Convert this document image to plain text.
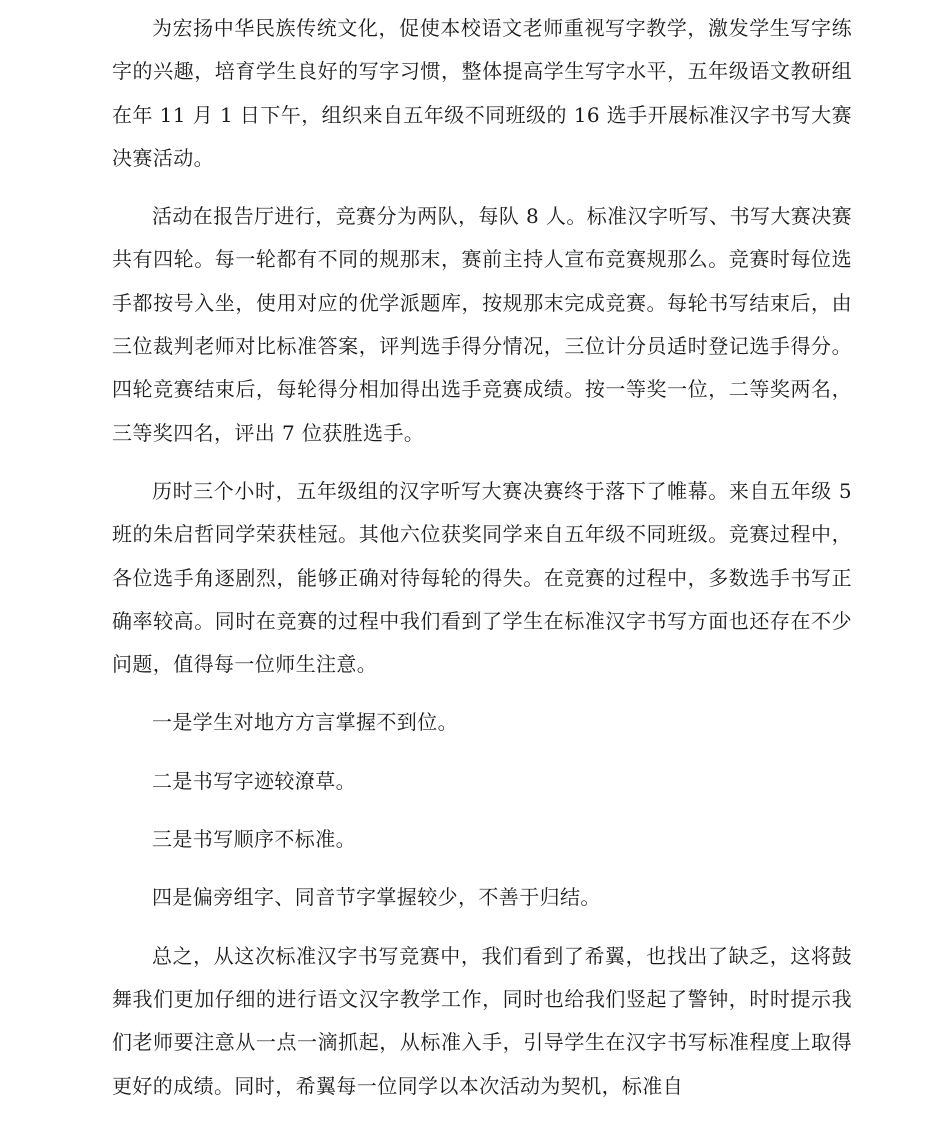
为宏扬中华民族传统文化，促使本校语文老师重视写字教学，激发学生写字练字的兴趣，培育学生良好的写字习惯，整体提高学生写字水平，五年级语文教研组在年 11 月 1 日下午，组织来自五年级不同班级的 16 选手开展标准汉字书写大赛决赛活动。

活动在报告厅进行，竞赛分为两队，每队 8 人。标准汉字听写、书写大赛决赛共有四轮。每一轮都有不同的规那末，赛前主持人宣布竞赛规那么。竞赛时每位选手都按号入坐，使用对应的优学派题库，按规那末完成竞赛。每轮书写结束后，由三位裁判老师对比标准答案，评判选手得分情况，三位计分员适时登记选手得分。四轮竞赛结束后，每轮得分相加得出选手竞赛成绩。按一等奖一位，二等奖两名，三等奖四名，评出 7 位获胜选手。

历时三个小时，五年级组的汉字听写大赛决赛终于落下了帷幕。来自五年级 5 班的朱启哲同学荣获桂冠。其他六位获奖同学来自五年级不同班级。竞赛过程中，各位选手角逐剧烈，能够正确对待每轮的得失。在竞赛的过程中，多数选手书写正确率较高。同时在竞赛的过程中我们看到了学生在标准汉字书写方面也还存在不少问题，值得每一位师生注意。

一是学生对地方方言掌握不到位。

二是书写字迹较潦草。

三是书写顺序不标准。

四是偏旁组字、同音节字掌握较少，不善于归结。

总之，从这次标准汉字书写竞赛中，我们看到了希翼，也找出了缺乏，这将鼓舞我们更加仔细的进行语文汉字教学工作，同时也给我们竖起了警钟，时时提示我们老师要注意从一点一滴抓起，从标准入手，引导学生在汉字书写标准程度上取得更好的成绩。同时，希翼每一位同学以本次活动为契机，标准自
